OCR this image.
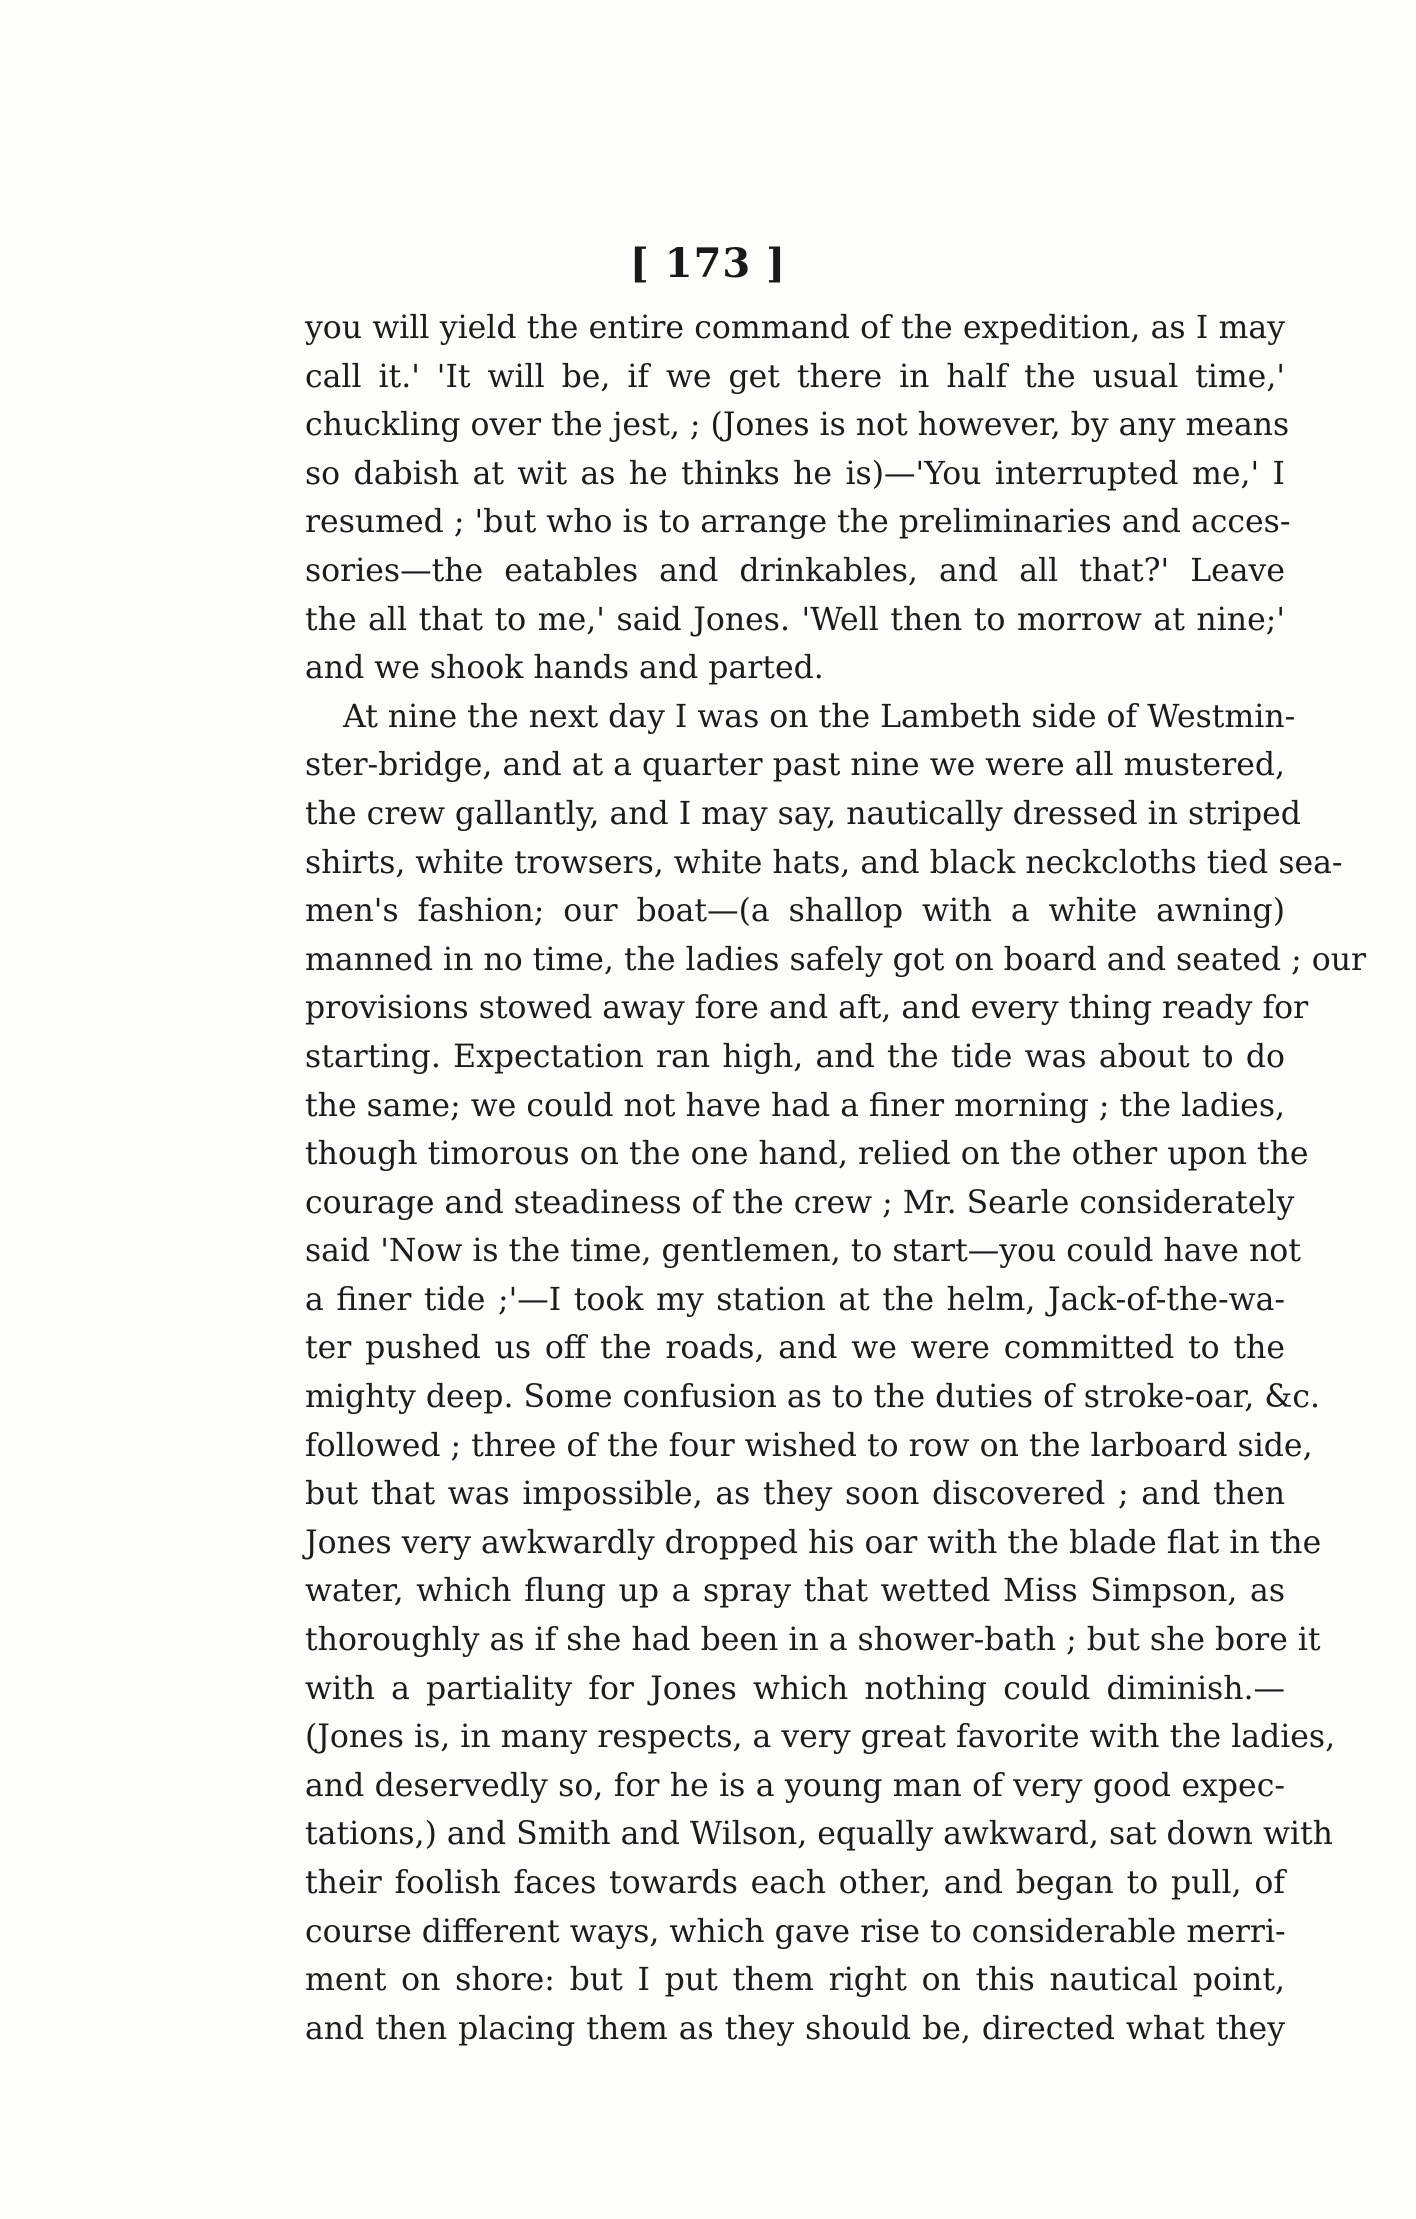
[ 173 ]
you will yield the entire command of the expedition, as I may
call it.' 'It will be, if we get there in half the usual time,'
chuckling over the jest, ; (Jones is not however, by any means
so dabish at wit as he thinks he is)—'You interrupted me,' I
resumed ; 'but who is to arrange the preliminaries and acces-
sories—the eatables and drinkables, and all that?' Leave
the all that to me,' said Jones. 'Well then to morrow at nine;'
and we shook hands and parted.
At nine the next day I was on the Lambeth side of Westmin-
ster-bridge, and at a quarter past nine we were all mustered,
the crew gallantly, and I may say, nautically dressed in striped
shirts, white trowsers, white hats, and black neckcloths tied sea-
men's fashion; our boat—(a shallop with a white awning)
manned in no time, the ladies safely got on board and seated ; our
provisions stowed away fore and aft, and every thing ready for
starting. Expectation ran high, and the tide was about to do
the same; we could not have had a finer morning ; the ladies,
though timorous on the one hand, relied on the other upon the
courage and steadiness of the crew ; Mr. Searle considerately
said 'Now is the time, gentlemen, to start—you could have not
a finer tide ;'—I took my station at the helm, Jack-of-the-wa-
ter pushed us off the roads, and we were committed to the
mighty deep. Some confusion as to the duties of stroke-oar, &c.
followed ; three of the four wished to row on the larboard side,
but that was impossible, as they soon discovered ; and then
Jones very awkwardly dropped his oar with the blade flat in the
water, which flung up a spray that wetted Miss Simpson, as
thoroughly as if she had been in a shower-bath ; but she bore it
with a partiality for Jones which nothing could diminish.—
(Jones is, in many respects, a very great favorite with the ladies,
and deservedly so, for he is a young man of very good expec-
tations,) and Smith and Wilson, equally awkward, sat down with
their foolish faces towards each other, and began to pull, of
course different ways, which gave rise to considerable merri-
ment on shore: but I put them right on this nautical point,
and then placing them as they should be, directed what they
